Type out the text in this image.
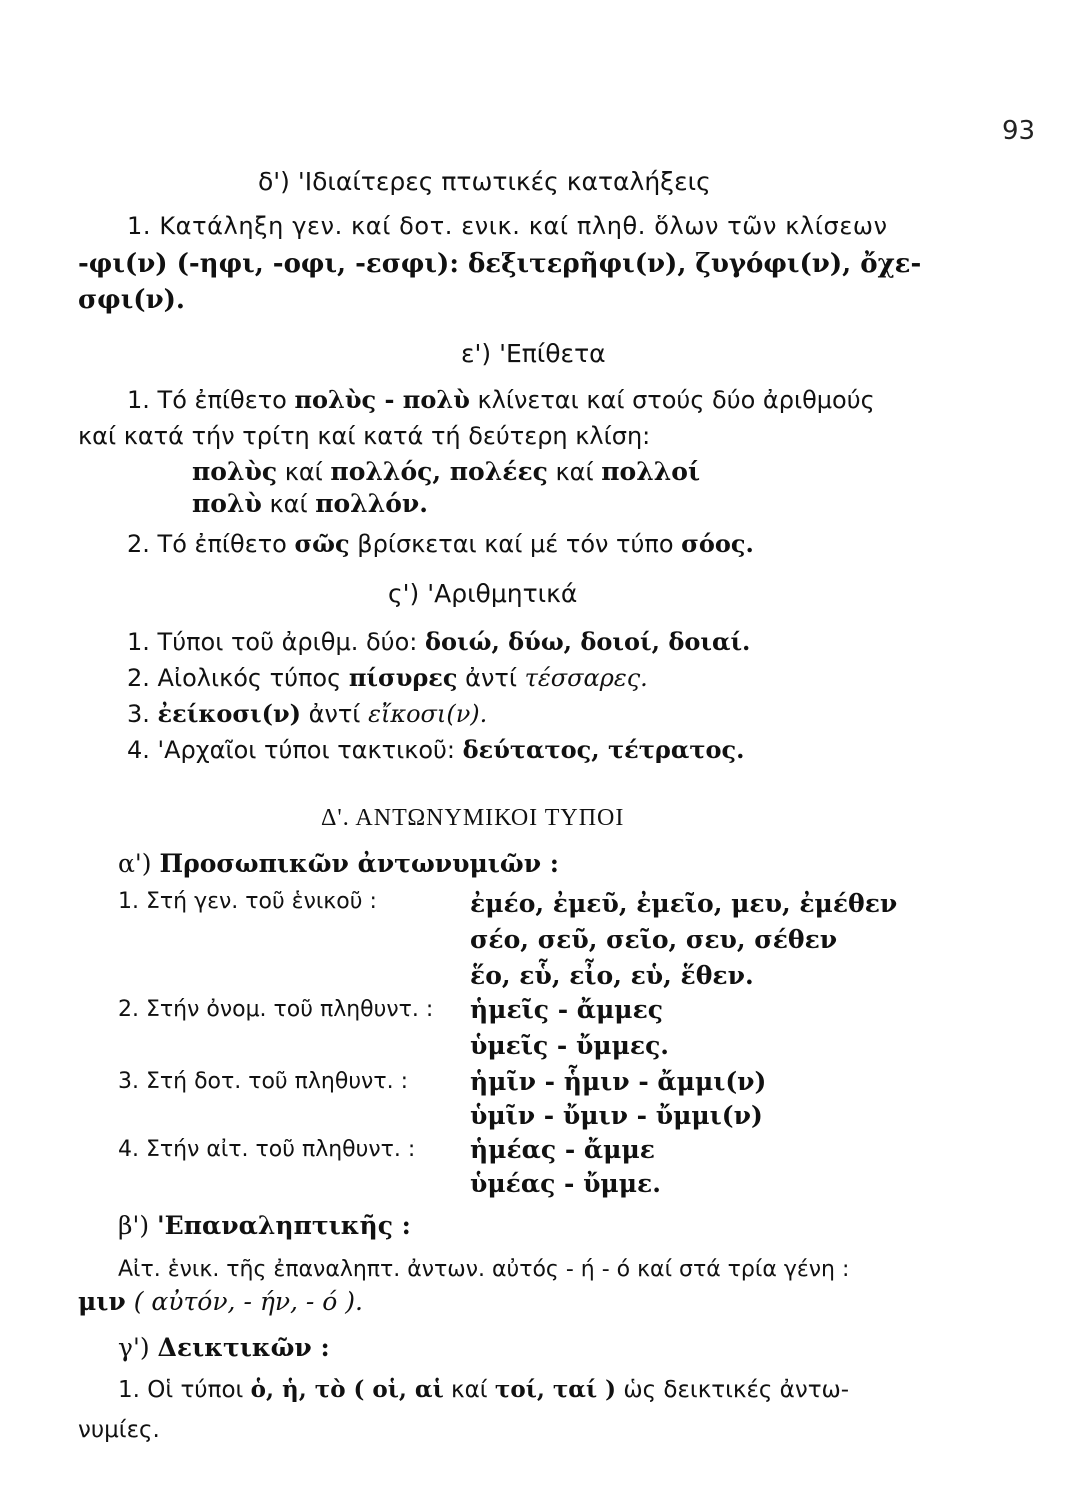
93
δ') 'Ιδιαίτερες πτωτικές καταλήξεις
1. Κατάληξη γεν. καί δοτ. ενικ. καί πληθ. ὅλων τῶν κλίσεων
-φι(ν) (-ηφι, -οφι, -εσφι): δεξιτερῆφι(ν), ζυγόφι(ν), ὄχε-
σφι(ν).
ε') 'Επίθετα
1. Τό ἐπίθετο πολὺς - πολὺ κλίνεται καί στούς δύο ἀριθμούς
καί κατά τήν τρίτη καί κατά τή δεύτερη κλίση:
πολὺς καί πολλός, πολέες καί πολλοί
πολὺ καί πολλόν.
2. Τό ἐπίθετο σῶς βρίσκεται καί μέ τόν τύπο σόος.
ς') 'Αριθμητικά
1. Τύποι τοῦ ἀριθμ. δύο: δοιώ, δύω, δοιοί, δοιαί.
2. Αἰολικός τύπος πίσυρες ἀντί τέσσαρες.
3. ἐείκοσι(ν) ἀντί εἴκοσι(ν).
4. 'Αρχαῖοι τύποι τακτικοῦ: δεύτατος, τέτρατος.
Δ'. ΑΝΤΩΝΥΜΙΚΟΙ ΤΥΠΟΙ
α') Προσωπικῶν ἀντωνυμιῶν :
1. Στή γεν. τοῦ ἑνικοῦ :	ἐμέο, ἐμεῦ, ἐμεῖο, μευ, ἐμέθεν
σέο, σεῦ, σεῖο, σευ, σέθεν
ἕο, εὗ, εἶο, εὑ, ἕθεν.
2. Στήν ὀνομ. τοῦ πληθυντ. : ἡμεῖς - ἄμμες
ὑμεῖς - ὔμμες.
3. Στή δοτ. τοῦ πληθυντ. : ἡμῖν - ἧμιν - ἄμμι(ν)
ὑμῖν - ὔμιν - ὔμμι(ν)
4. Στήν αἰτ. τοῦ πληθυντ. : ἡμέας - ἄμμε
ὑμέας - ὔμμε.
β') 'Επαναληπτικῆς :
Αἰτ. ἑνικ. τῆς ἐπαναληπτ. ἀντων. αὐτός - ή - ό καί στά τρία γένη :
μιν ( αὐτόν, - ήν, - ό ).
γ') Δεικτικῶν :
1. Οἱ τύποι ὁ, ἡ, τὸ ( οἱ, αἱ καί τοί, ταί ) ὡς δεικτικές ἀντω-
νυμίες.
